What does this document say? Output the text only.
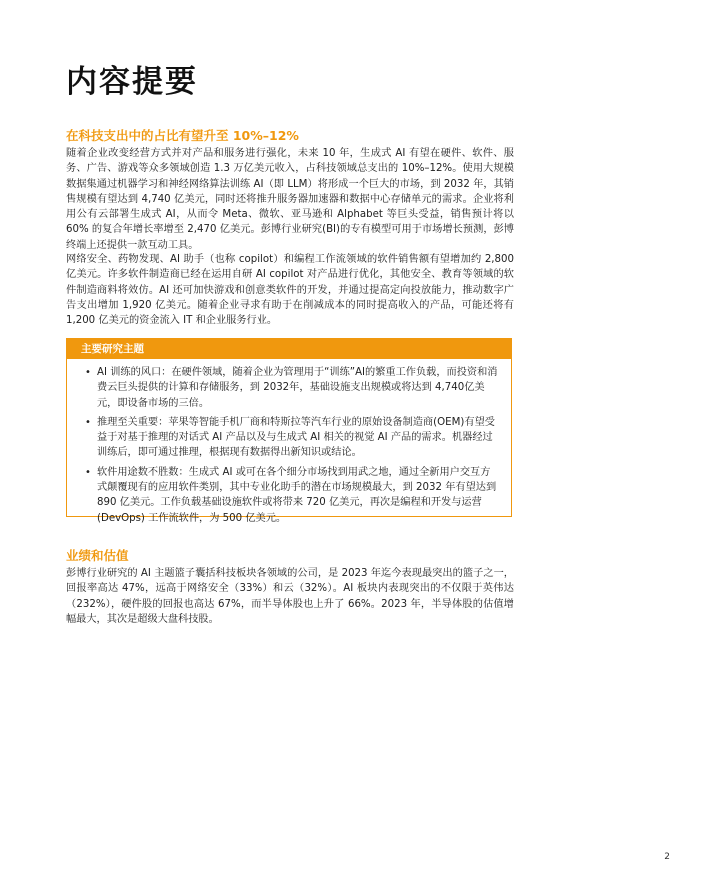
内容提要
在科技支出中的占比有望升至 10%–12%

随着企业改变经营方式并对产品和服务进行强化，未来 10 年，生成式 AI 有望在硬件、软件、服务、广告、游戏等众多领域创造 1.3 万亿美元收入，占科技领域总支出的 10%–12%。使用大规模数据集通过机器学习和神经网络算法训练 AI（即 LLM）将形成一个巨大的市场，到 2032 年，其销售规模有望达到 4,740 亿美元，同时还将推升服务器加速器和数据中心存储单元的需求。企业将利用公有云部署生成式 AI，从而令 Meta、微软、亚马逊和 Alphabet 等巨头受益，销售预计将以 60% 的复合年增长率增至 2,470 亿美元。彭博行业研究(BI)的专有模型可用于市场增长预测，彭博终端上还提供一款互动工具。

网络安全、药物发现、AI 助手（也称 copilot）和编程工作流领域的软件销售额有望增加约 2,800 亿美元。许多软件制造商已经在运用自研 AI copilot 对产品进行优化，其他安全、教育等领域的软件制造商料将效仿。AI 还可加快游戏和创意类软件的开发，并通过提高定向投放能力，推动数字广告支出增加 1,920 亿美元。随着企业寻求有助于在削减成本的同时提高收入的产品，可能还将有 1,200 亿美元的资金流入 IT 和企业服务行业。

主要研究主题
• AI 训练的风口：在硬件领域，随着企业为管理用于“训练”AI的繁重工作负载，而投资和消费云巨头提供的计算和存储服务，到 2032年，基础设施支出规模或将达到 4,740亿美元，即设备市场的三倍。
• 推理至关重要：苹果等智能手机厂商和特斯拉等汽车行业的原始设备制造商(OEM)有望受益于对基于推理的对话式 AI 产品以及与生成式 AI 相关的视觉 AI 产品的需求。机器经过训练后，即可通过推理，根据现有数据得出新知识或结论。
• 软件用途数不胜数：生成式 AI 或可在各个细分市场找到用武之地，通过全新用户交互方式颠覆现有的应用软件类别，其中专业化助手的潜在市场规模最大，到 2032 年有望达到 890 亿美元。工作负载基础设施软件或将带来 720 亿美元，再次是编程和开发与运营(DevOps) 工作流软件，为 500 亿美元。
业绩和估值

彭博行业研究的 AI 主题篮子囊括科技板块各领域的公司，是 2023 年迄今表现最突出的篮子之一，回报率高达 47%，远高于网络安全（33%）和云（32%）。AI 板块内表现突出的不仅限于英伟达（232%），硬件股的回报也高达 67%，而半导体股也上升了 66%。2023 年，半导体股的估值增幅最大，其次是超级大盘科技股。

2
